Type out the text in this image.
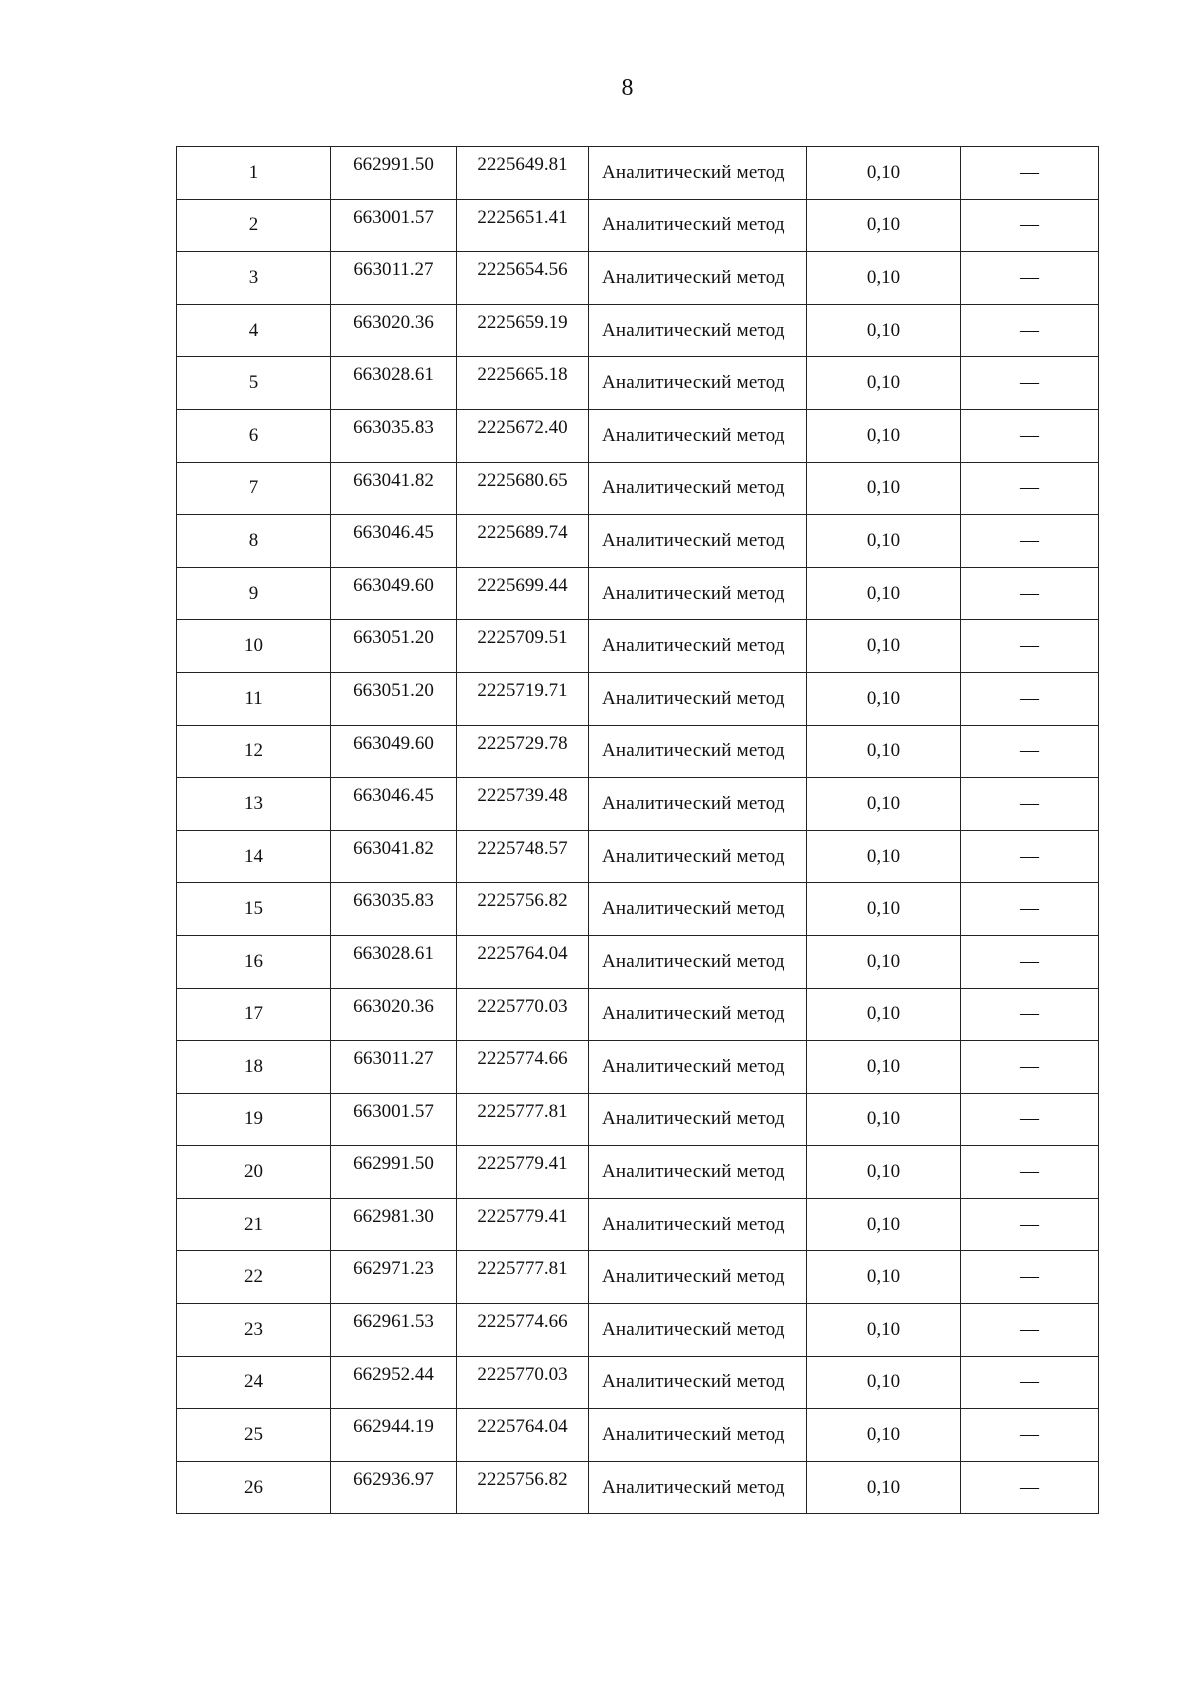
8
1	662991.50	2225649.81	Аналитический метод	0,10	—
2	663001.57	2225651.41	Аналитический метод	0,10	—
3	663011.27	2225654.56	Аналитический метод	0,10	—
4	663020.36	2225659.19	Аналитический метод	0,10	—
5	663028.61	2225665.18	Аналитический метод	0,10	—
6	663035.83	2225672.40	Аналитический метод	0,10	—
7	663041.82	2225680.65	Аналитический метод	0,10	—
8	663046.45	2225689.74	Аналитический метод	0,10	—
9	663049.60	2225699.44	Аналитический метод	0,10	—
10	663051.20	2225709.51	Аналитический метод	0,10	—
11	663051.20	2225719.71	Аналитический метод	0,10	—
12	663049.60	2225729.78	Аналитический метод	0,10	—
13	663046.45	2225739.48	Аналитический метод	0,10	—
14	663041.82	2225748.57	Аналитический метод	0,10	—
15	663035.83	2225756.82	Аналитический метод	0,10	—
16	663028.61	2225764.04	Аналитический метод	0,10	—
17	663020.36	2225770.03	Аналитический метод	0,10	—
18	663011.27	2225774.66	Аналитический метод	0,10	—
19	663001.57	2225777.81	Аналитический метод	0,10	—
20	662991.50	2225779.41	Аналитический метод	0,10	—
21	662981.30	2225779.41	Аналитический метод	0,10	—
22	662971.23	2225777.81	Аналитический метод	0,10	—
23	662961.53	2225774.66	Аналитический метод	0,10	—
24	662952.44	2225770.03	Аналитический метод	0,10	—
25	662944.19	2225764.04	Аналитический метод	0,10	—
26	662936.97	2225756.82	Аналитический метод	0,10	—
